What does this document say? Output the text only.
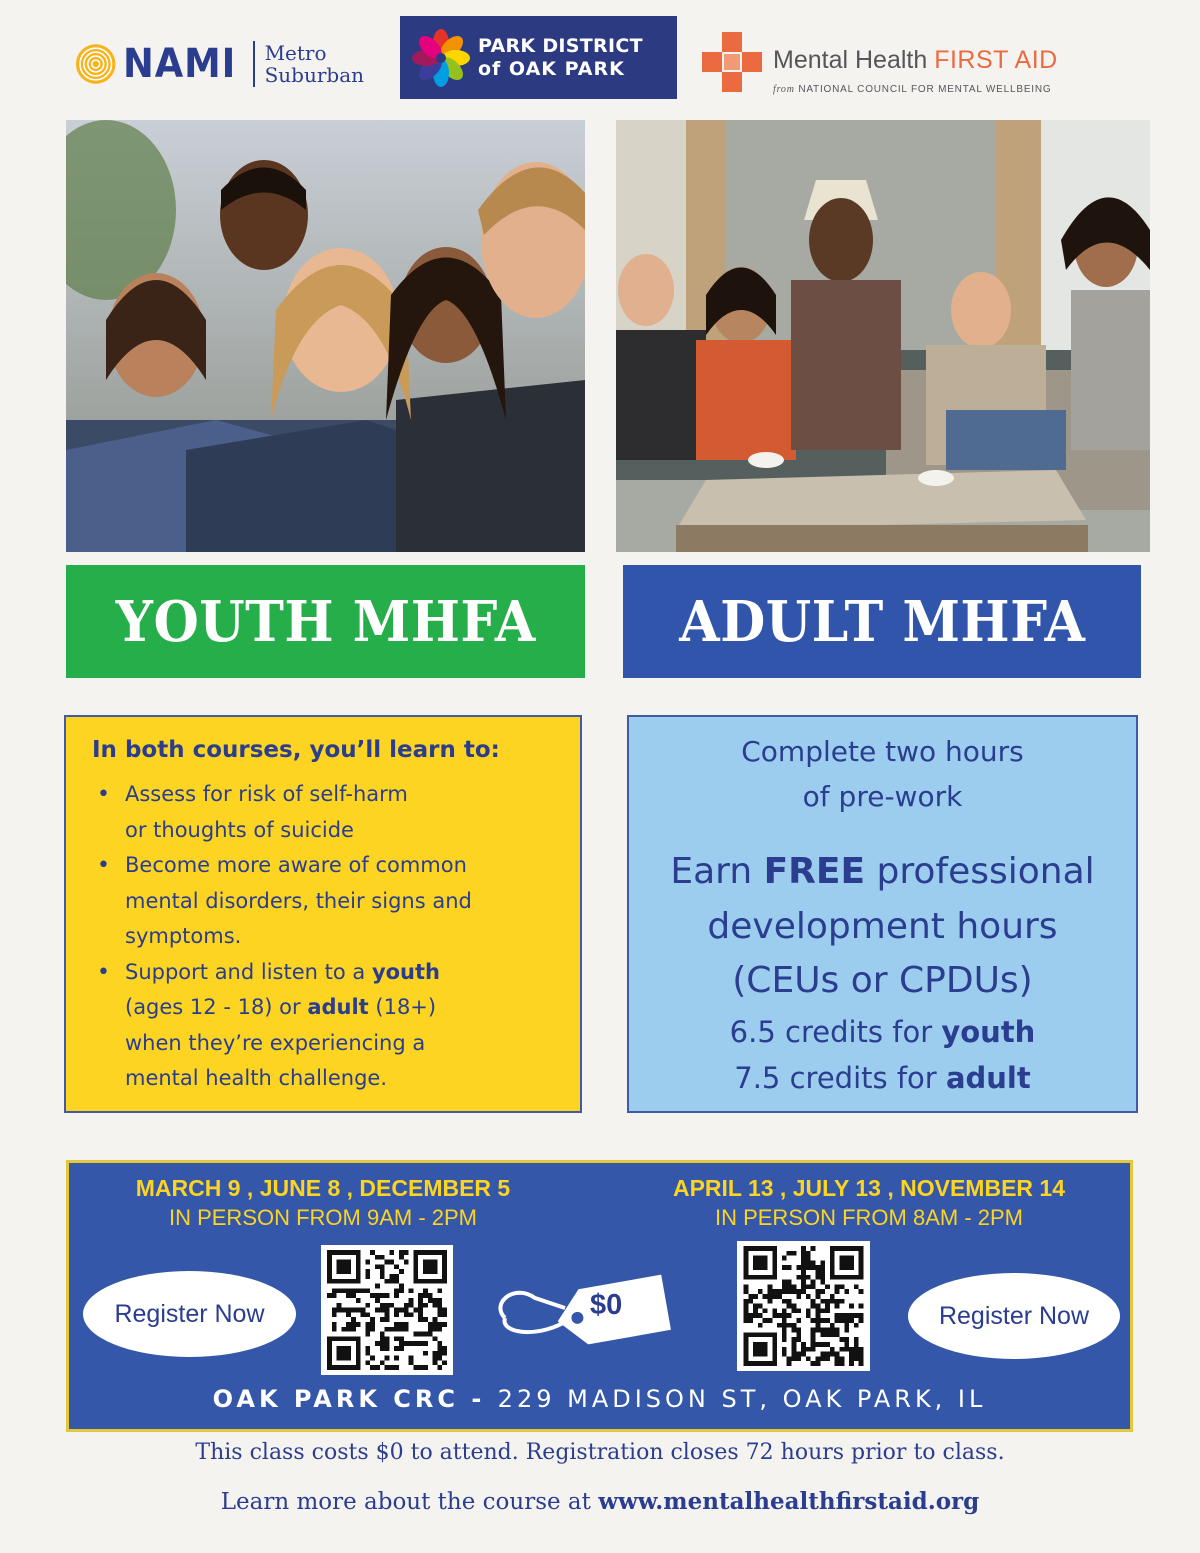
NAMI Metro
Suburban
PARK DISTRICT
of OAK PARK	Mental Health FIRST AID
from NATIONAL COUNCIL FOR MENTAL WELLBEING
YOUTH MHFA	ADULT MHFA
In both courses, you’ll learn to:
• Assess for risk of self-harm
or thoughts of suicide
• Become more aware of common
mental disorders, their signs and
symptoms.
• Support and listen to a youth
(ages 12 - 18) or adult (18+)
when they’re experiencing a
mental health challenge.
Complete two hours
of pre-work
Earn FREE professional
development hours
(CEUs or CPDUs)
6.5 credits for youth
7.5 credits for adult
MARCH 9 , JUNE 8 , DECEMBER 5
IN PERSON FROM 9AM - 2PM
APRIL 13 , JULY 13 , NOVEMBER 14
IN PERSON FROM 8AM - 2PM
Register Now	$0	Register Now
OAK PARK CRC - 229 MADISON ST, OAK PARK, IL
This class costs $0 to attend. Registration closes 72 hours prior to class.
Learn more about the course at www.mentalhealthfirstaid.org
